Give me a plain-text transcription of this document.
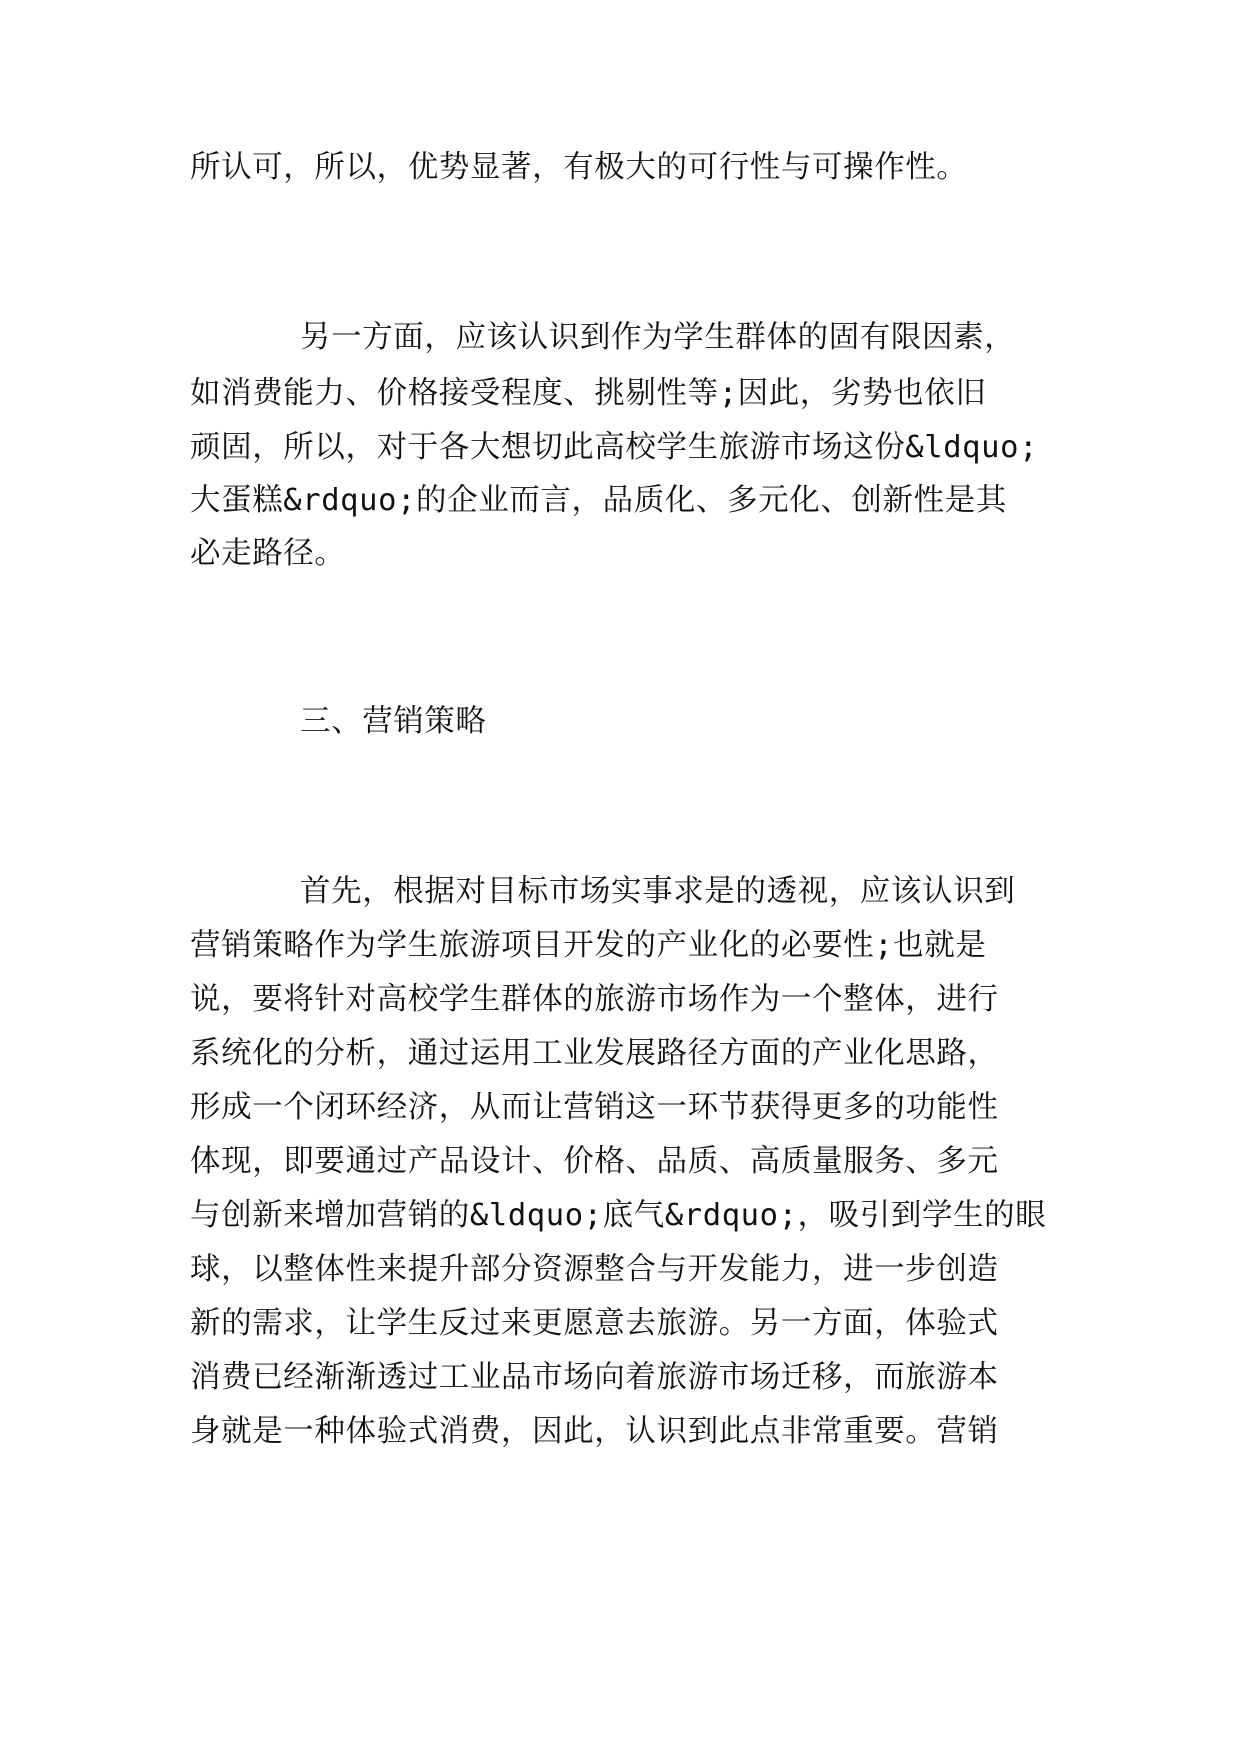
所认可，所以，优势显著，有极大的可行性与可操作性。
另一方面，应该认识到作为学生群体的固有限因素，
如消费能力、价格接受程度、挑剔性等;因此，劣势也依旧
顽固，所以，对于各大想切此高校学生旅游市场这份&ldquo;
大蛋糕&rdquo;的企业而言，品质化、多元化、创新性是其
必走路径。
三、营销策略
首先，根据对目标市场实事求是的透视，应该认识到
营销策略作为学生旅游项目开发的产业化的必要性;也就是
说，要将针对高校学生群体的旅游市场作为一个整体，进行
系统化的分析，通过运用工业发展路径方面的产业化思路，
形成一个闭环经济，从而让营销这一环节获得更多的功能性
体现，即要通过产品设计、价格、品质、高质量服务、多元
与创新来增加营销的&ldquo;底气&rdquo;，吸引到学生的眼
球，以整体性来提升部分资源整合与开发能力，进一步创造
新的需求，让学生反过来更愿意去旅游。另一方面，体验式
消费已经渐渐透过工业品市场向着旅游市场迁移，而旅游本
身就是一种体验式消费，因此，认识到此点非常重要。营销
